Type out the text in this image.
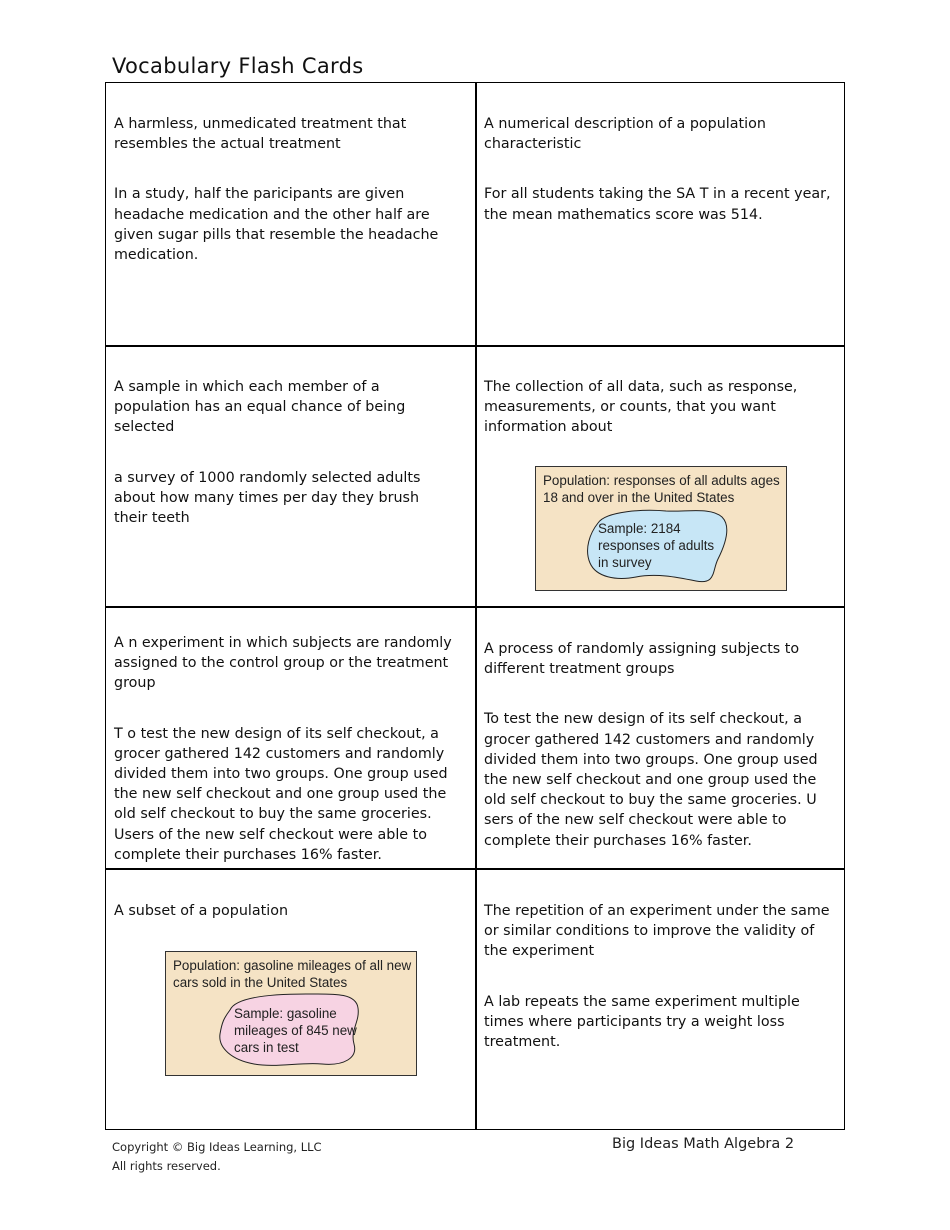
Vocabulary Flash Cards

A harmless, unmedicated treatment that resembles the actual treatment

In a study, half the paricipants are given headache medication and the other half are given sugar pills that resemble the headache medication.

A numerical description of a population characteristic

For all students taking the SA T in a recent year, the mean mathematics score was 514.

A sample in which each member of a population has an equal chance of being selected

a survey of 1000 randomly selected adults about how many times per day they brush their teeth

The collection of all data, such as response, measurements, or counts, that you want information about

Population: responses of all adults ages 18 and over in the United States
Sample: 2184 responses of adults in survey

A n experiment in which subjects are randomly assigned to the control group or the treatment group

T o test the new design of its self checkout, a grocer gathered 142 customers and randomly divided them into two groups. One group used the new self checkout and one group used the old self checkout to buy the same groceries. Users of the new self checkout were able to complete their purchases 16% faster.

A process of randomly assigning subjects to different treatment groups

To test the new design of its self checkout, a grocer gathered 142 customers and randomly divided them into two groups. One group used the new self checkout and one group used the old self checkout to buy the same groceries. U sers of the new self checkout were able to complete their purchases 16% faster.

A subset of a population

Population: gasoline mileages of all new cars sold in the United States
Sample: gasoline mileages of 845 new cars in test

The repetition of an experiment under the same or similar conditions to improve the validity of the experiment

A lab repeats the same experiment multiple times where participants try a weight loss treatment.

Copyright © Big Ideas Learning, LLC
All rights reserved.
Big Ideas Math Algebra 2
